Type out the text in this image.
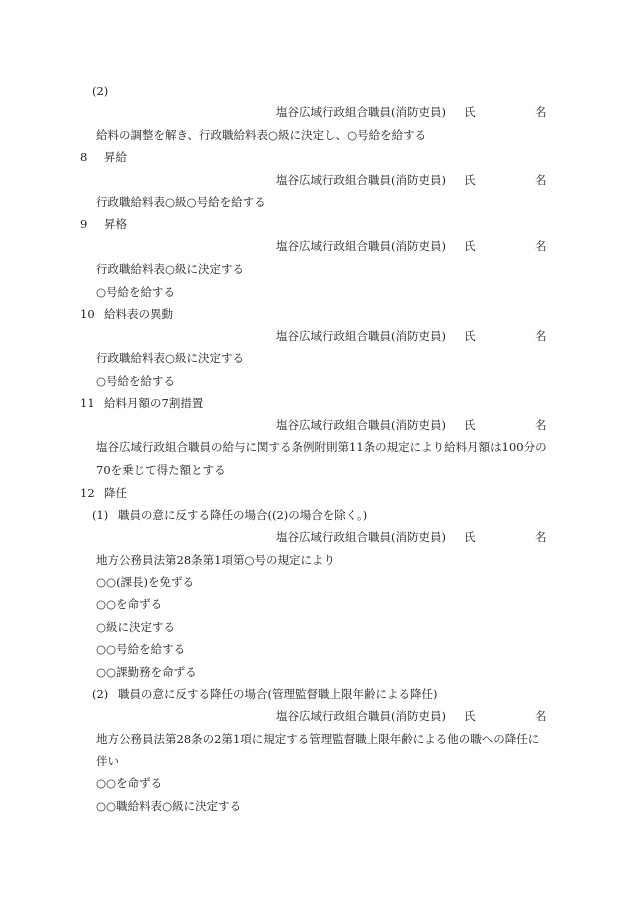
(2)
塩谷広域行政組合職員(消防吏員) 氏	名
給料の調整を解き、行政職給料表○級に決定し、○号給を給する
8 昇給
塩谷広域行政組合職員(消防吏員) 氏	名
行政職給料表○級○号給を給する
9 昇格
塩谷広域行政組合職員(消防吏員) 氏	名
行政職給料表○級に決定する
○号給を給する
10 給料表の異動
塩谷広域行政組合職員(消防吏員) 氏	名
行政職給料表○級に決定する
○号給を給する
11 給料月額の7割措置
塩谷広域行政組合職員(消防吏員) 氏	名
塩谷広域行政組合職員の給与に関する条例附則第11条の規定により給料月額は100分の
70を乗じて得た額とする
12 降任
(1) 職員の意に反する降任の場合((2)の場合を除く。)
塩谷広域行政組合職員(消防吏員) 氏	名
地方公務員法第28条第1項第○号の規定により
○○(課長)を免ずる
○○を命ずる
○級に決定する
○○号給を給する
○○課勤務を命ずる
(2) 職員の意に反する降任の場合(管理監督職上限年齢による降任)
塩谷広域行政組合職員(消防吏員) 氏	名
地方公務員法第28条の2第1項に規定する管理監督職上限年齢による他の職への降任に
伴い
○○を命ずる
○○職給料表○級に決定する
